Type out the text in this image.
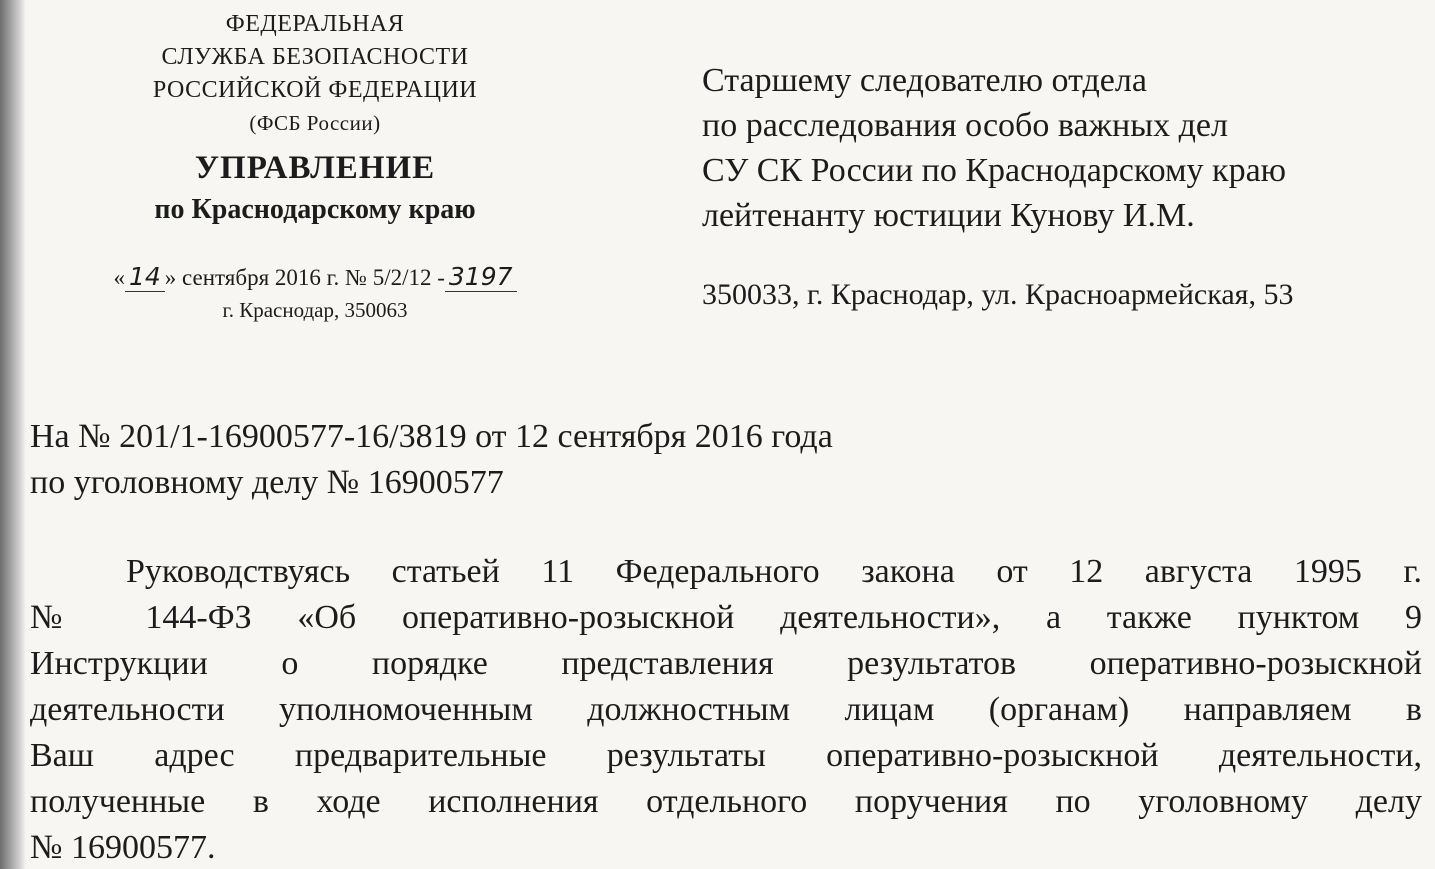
ФЕДЕРАЛЬНАЯ
СЛУЖБА БЕЗОПАСНОСТИ
РОССИЙСКОЙ ФЕДЕРАЦИИ
(ФСБ России)
УПРАВЛЕНИЕ
по Краснодарскому краю
« 14 » сентября 2016 г. № 5/2/12 - 3197
г. Краснодар, 350063
Старшему следователю отдела
по расследования особо важных дел
СУ СК России по Краснодарскому краю
лейтенанту юстиции Кунову И.М.
350033, г. Краснодар, ул. Красноармейская, 53
На № 201/1-16900577-16/3819 от 12 сентября 2016 года
по уголовному делу № 16900577
Руководствуясь статьей 11 Федерального закона от 12 августа 1995 г.
№ 144-ФЗ «Об оперативно-розыскной деятельности», а также пунктом 9
Инструкции о порядке представления результатов оперативно-розыскной
деятельности уполномоченным должностным лицам (органам) направляем в
Ваш адрес предварительные результаты оперативно-розыскной деятельности,
полученные в ходе исполнения отдельного поручения по уголовному делу
№ 16900577.
